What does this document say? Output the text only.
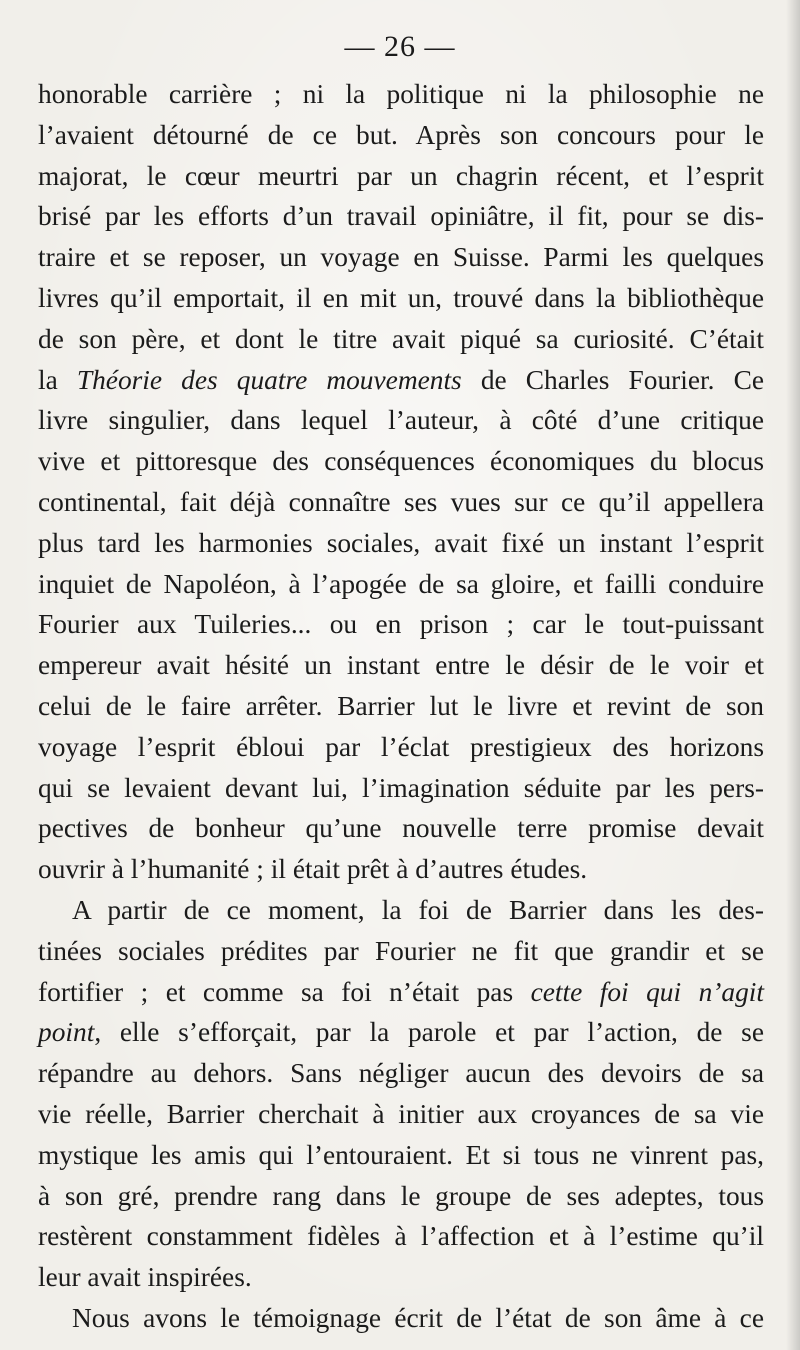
— 26 —
honorable carrière ; ni la politique ni la philosophie ne
l’avaient détourné de ce but. Après son concours pour le
majorat, le cœur meurtri par un chagrin récent, et l’esprit
brisé par les efforts d’un travail opiniâtre, il fit, pour se dis-
traire et se reposer, un voyage en Suisse. Parmi les quelques
livres qu’il emportait, il en mit un, trouvé dans la bibliothèque
de son père, et dont le titre avait piqué sa curiosité. C’était
la Théorie des quatre mouvements de Charles Fourier. Ce
livre singulier, dans lequel l’auteur, à côté d’une critique
vive et pittoresque des conséquences économiques du blocus
continental, fait déjà connaître ses vues sur ce qu’il appellera
plus tard les harmonies sociales, avait fixé un instant l’esprit
inquiet de Napoléon, à l’apogée de sa gloire, et failli conduire
Fourier aux Tuileries... ou en prison ; car le tout-puissant
empereur avait hésité un instant entre le désir de le voir et
celui de le faire arrêter. Barrier lut le livre et revint de son
voyage l’esprit ébloui par l’éclat prestigieux des horizons
qui se levaient devant lui, l’imagination séduite par les pers-
pectives de bonheur qu’une nouvelle terre promise devait
ouvrir à l’humanité ; il était prêt à d’autres études.
A partir de ce moment, la foi de Barrier dans les des-
tinées sociales prédites par Fourier ne fit que grandir et se
fortifier ; et comme sa foi n’était pas cette foi qui n’agit
point, elle s’efforçait, par la parole et par l’action, de se
répandre au dehors. Sans négliger aucun des devoirs de sa
vie réelle, Barrier cherchait à initier aux croyances de sa vie
mystique les amis qui l’entouraient. Et si tous ne vinrent pas,
à son gré, prendre rang dans le groupe de ses adeptes, tous
restèrent constamment fidèles à l’affection et à l’estime qu’il
leur avait inspirées.
Nous avons le témoignage écrit de l’état de son âme à ce
